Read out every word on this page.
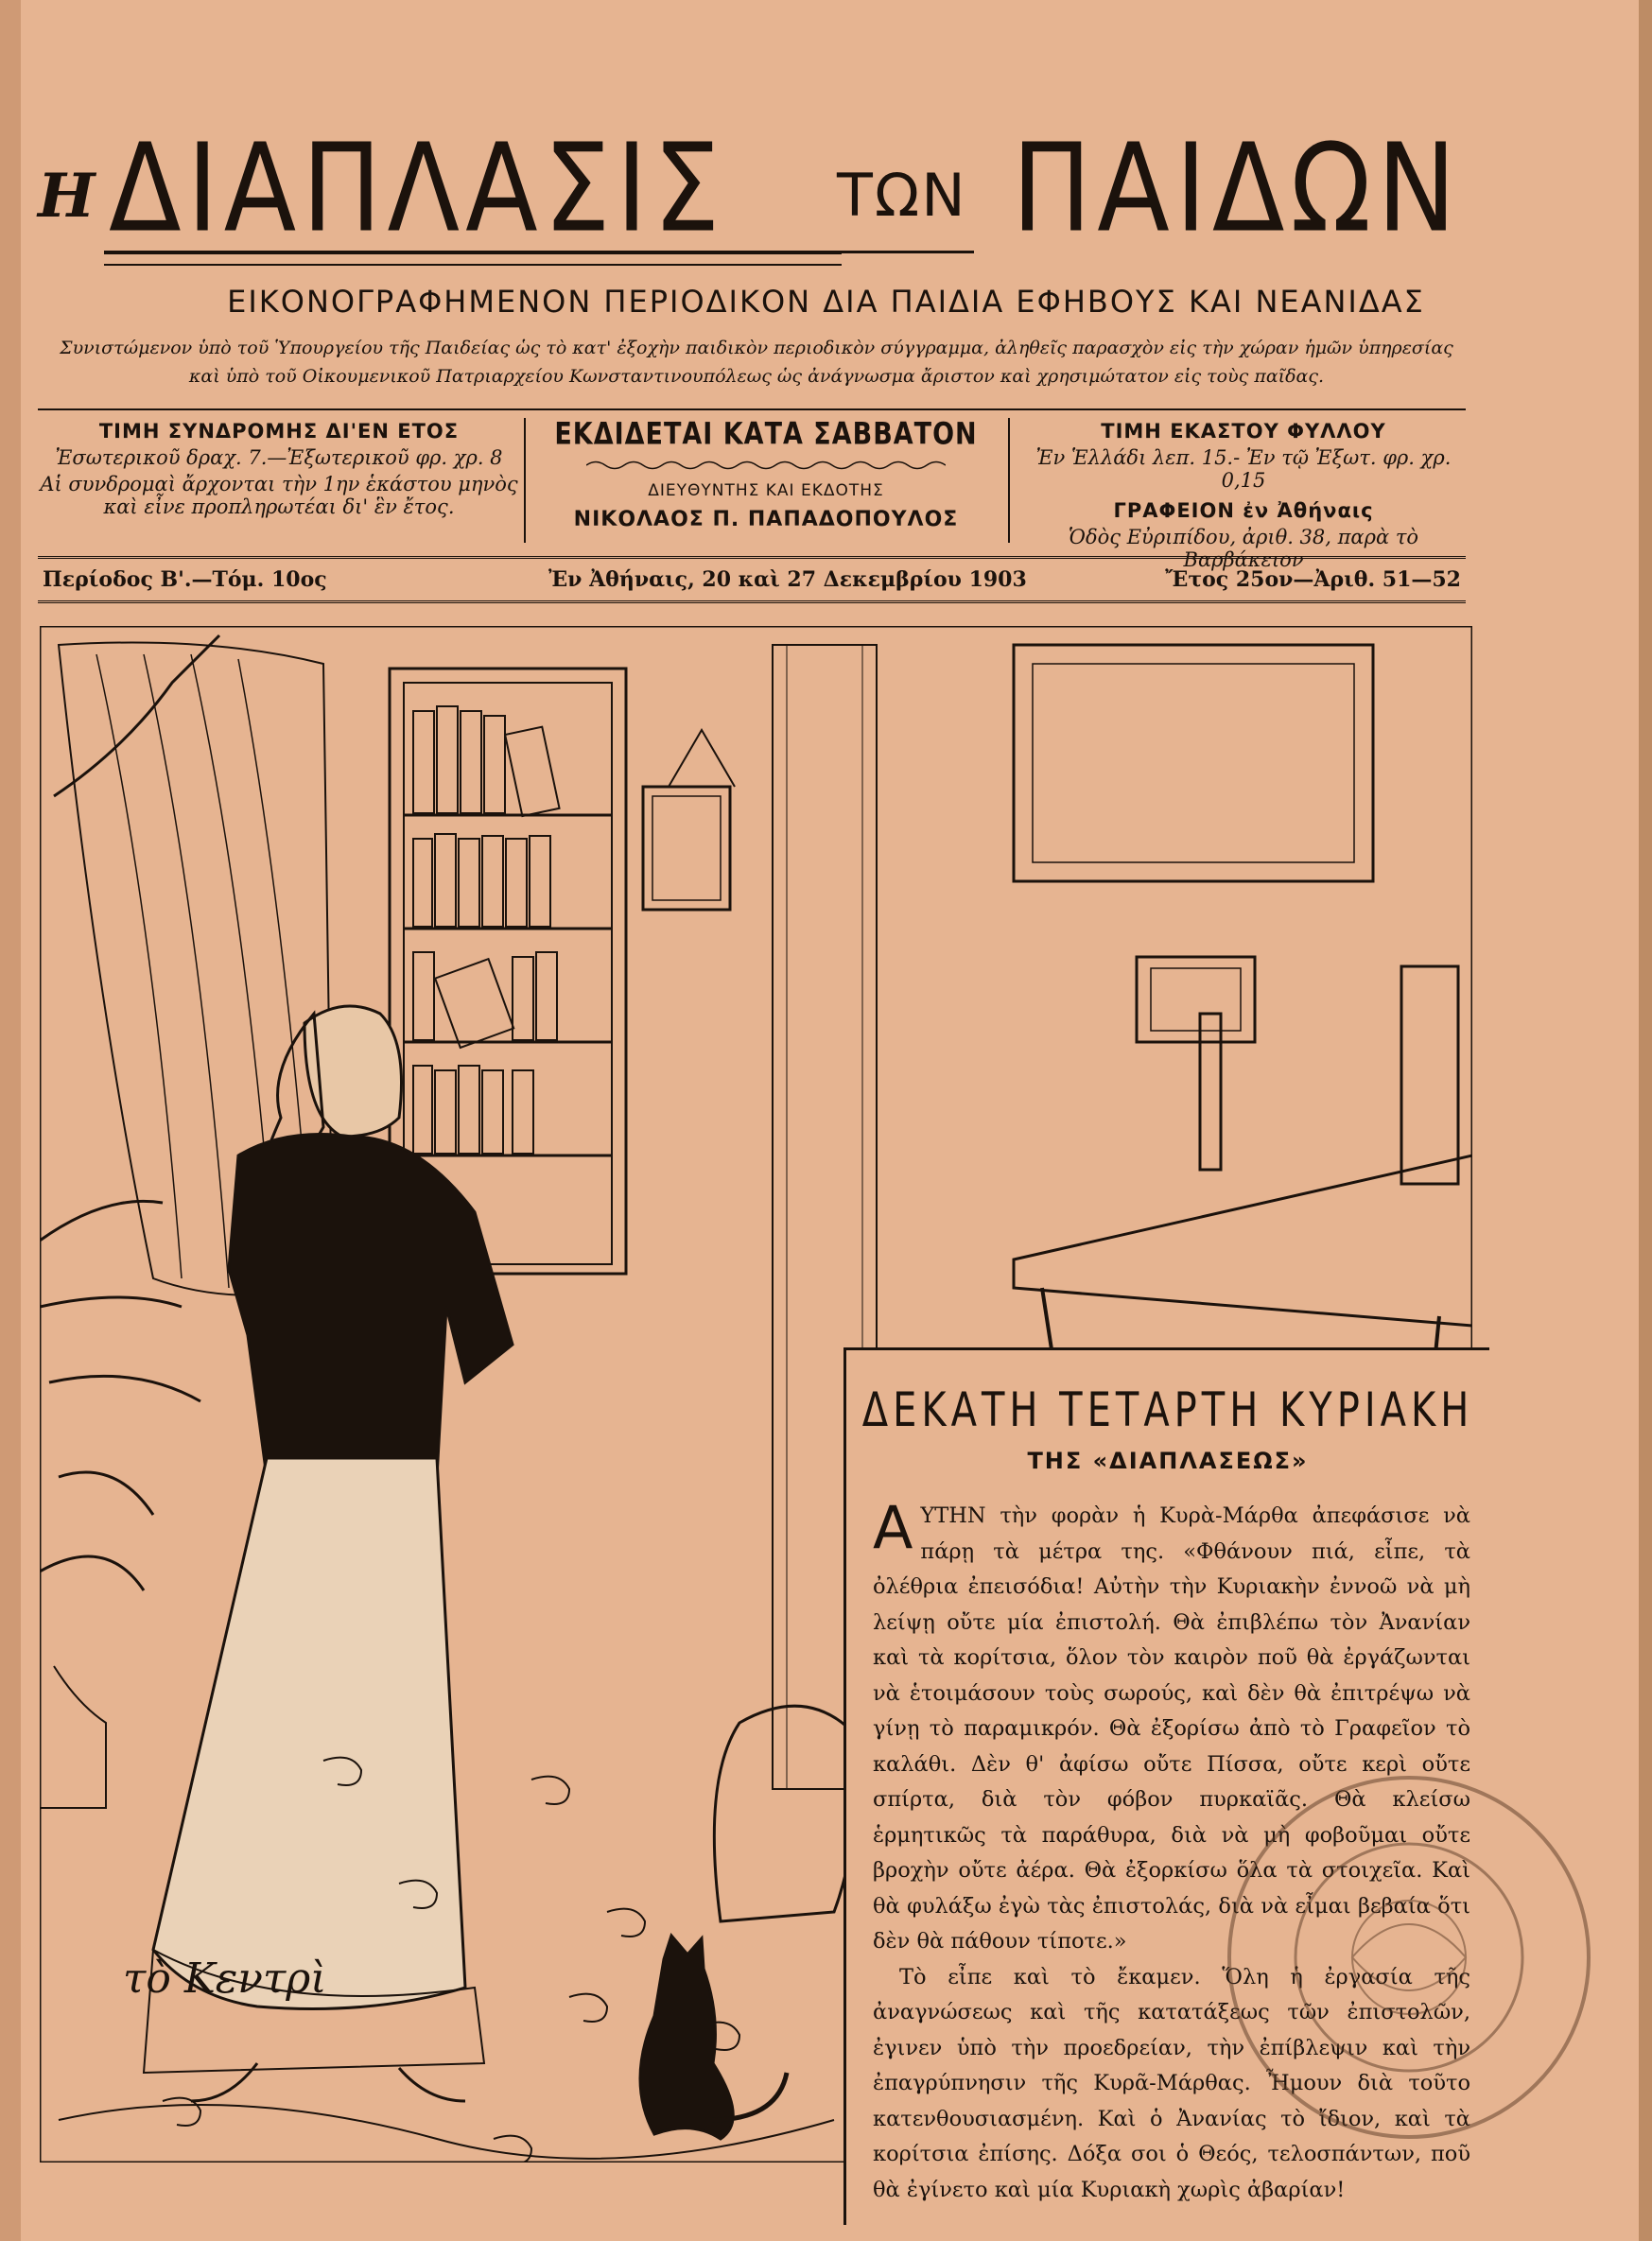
Η ΔΙΑΠΛΑΣΙΣ ΤΩΝ ΠΑΙΔΩΝ
ΕΙΚΟΝΟΓΡΑΦΗΜΕΝΟΝ ΠΕΡΙΟΔΙΚΟΝ ΔΙΑ ΠΑΙΔΙΑ ΕΦΗΒΟΥΣ ΚΑΙ ΝΕΑΝΙΔΑΣ
Συνιστώμενον ὑπὸ τοῦ Ὑπουργείου τῆς Παιδείας ὡς τὸ κατ' ἐξοχὴν παιδικὸν περιοδικὸν σύγγραμμα, ἀληθεῖς παρασχὸν εἰς τὴν χώραν ἡμῶν ὑπηρεσίας
καὶ ὑπὸ τοῦ Οἰκουμενικοῦ Πατριαρχείου Κωνσταντινουπόλεως ὡς ἀνάγνωσμα ἄριστον καὶ χρησιμώτατον εἰς τοὺς παῖδας.
ΤΙΜΗ ΣΥΝΔΡΟΜΗΣ ΔΙ'ΕΝ ΕΤΟΣ

Ἐσωτερικοῦ δραχ. 7.—Ἐξωτερικοῦ φρ. χρ. 8

Αἱ συνδρομαὶ ἄρχονται τὴν 1ην ἑκάστου μηνὸς

καὶ εἶνε προπληρωτέαι δι' ἓν ἔτος.

ΕΚΔΙΔΕΤΑΙ ΚΑΤΑ ΣΑΒΒΑΤΟΝ
ΔΙΕΥΘΥΝΤΗΣ ΚΑΙ ΕΚΔΟΤΗΣ
ΝΙΚΟΛΑΟΣ Π. ΠΑΠΑΔΟΠΟΥΛΟΣ
ΤΙΜΗ ΕΚΑΣΤΟΥ ΦΥΛΛΟΥ

Ἐν Ἑλλάδι λεπ. 15.- Ἐν τῷ Ἐξωτ. φρ. χρ. 0,15

ΓΡΑΦΕΙΟΝ ἐν Ἀθήναις

Ὁδὸς Εὐριπίδου, ἀριθ. 38, παρὰ τὸ Βαρβάκειον

Περίοδος Β'.—Τόμ. 10ος	Ἐν Ἀθήναις, 20 καὶ 27 Δεκεμβρίου 1903	Ἔτος 25ον—Ἀριθ. 51—52
τὸ Κεντρὶ
ΔΕΚΑΤΗ ΤΕΤΑΡΤΗ ΚΥΡΙΑΚΗ
ΤΗΣ «ΔΙΑΠΛΑΣΕΩΣ»

ΑΥΤΗΝ τὴν φορὰν ἡ Κυρὰ-Μάρθα ἀπεφάσισε νὰ πάρῃ τὰ μέτρα της. «Φθάνουν πιά, εἶπε, τὰ ὀλέθρια ἐπεισόδια! Αὐτὴν τὴν Κυριακὴν ἐννοῶ νὰ μὴ λείψῃ οὔτε μία ἐπιστολή. Θὰ ἐπιβλέπω τὸν Ἀνανίαν καὶ τὰ κορίτσια, ὅλον τὸν καιρὸν ποῦ θὰ ἐργάζωνται νὰ ἑτοιμάσουν τοὺς σωρούς, καὶ δὲν θὰ ἐπιτρέψω νὰ γίνῃ τὸ παραμικρόν. Θὰ ἐξορίσω ἀπὸ τὸ Γραφεῖον τὸ καλάθι. Δὲν θ' ἀφίσω οὔτε Πίσσα, οὔτε κερὶ οὔτε σπίρτα, διὰ τὸν φόβον πυρκαϊᾶς. Θὰ κλείσω ἑρμητικῶς τὰ παράθυρα, διὰ νὰ μὴ φοβοῦμαι οὔτε βροχὴν οὔτε ἀέρα. Θὰ ἐξορκίσω ὅλα τὰ στοιχεῖα. Καὶ θὰ φυλάξω ἐγὼ τὰς ἐπιστολάς, διὰ νὰ εἶμαι βεβαία ὅτι δὲν θὰ πάθουν τίποτε.»

Τὸ εἶπε καὶ τὸ ἔκαμεν. Ὅλη ἡ ἐργασία τῆς ἀναγνώσεως καὶ τῆς κατατάξεως τῶν ἐπιστολῶν, ἐγινεν ὑπὸ τὴν προεδρείαν, τὴν ἐπίβλεψιν καὶ τὴν ἐπαγρύπνησιν τῆς Κυρᾶ-Μάρθας. Ἦμουν διὰ τοῦτο κατενθουσιασμένη. Καὶ ὁ Ἀνανίας τὸ ἴδιον, καὶ τὰ κορίτσια ἐπίσης. Δόξα σοι ὁ Θεός, τελοσπάντων, ποῦ θὰ ἐγίνετο καὶ μία Κυριακὴ χωρὶς ἀβαρίαν!
